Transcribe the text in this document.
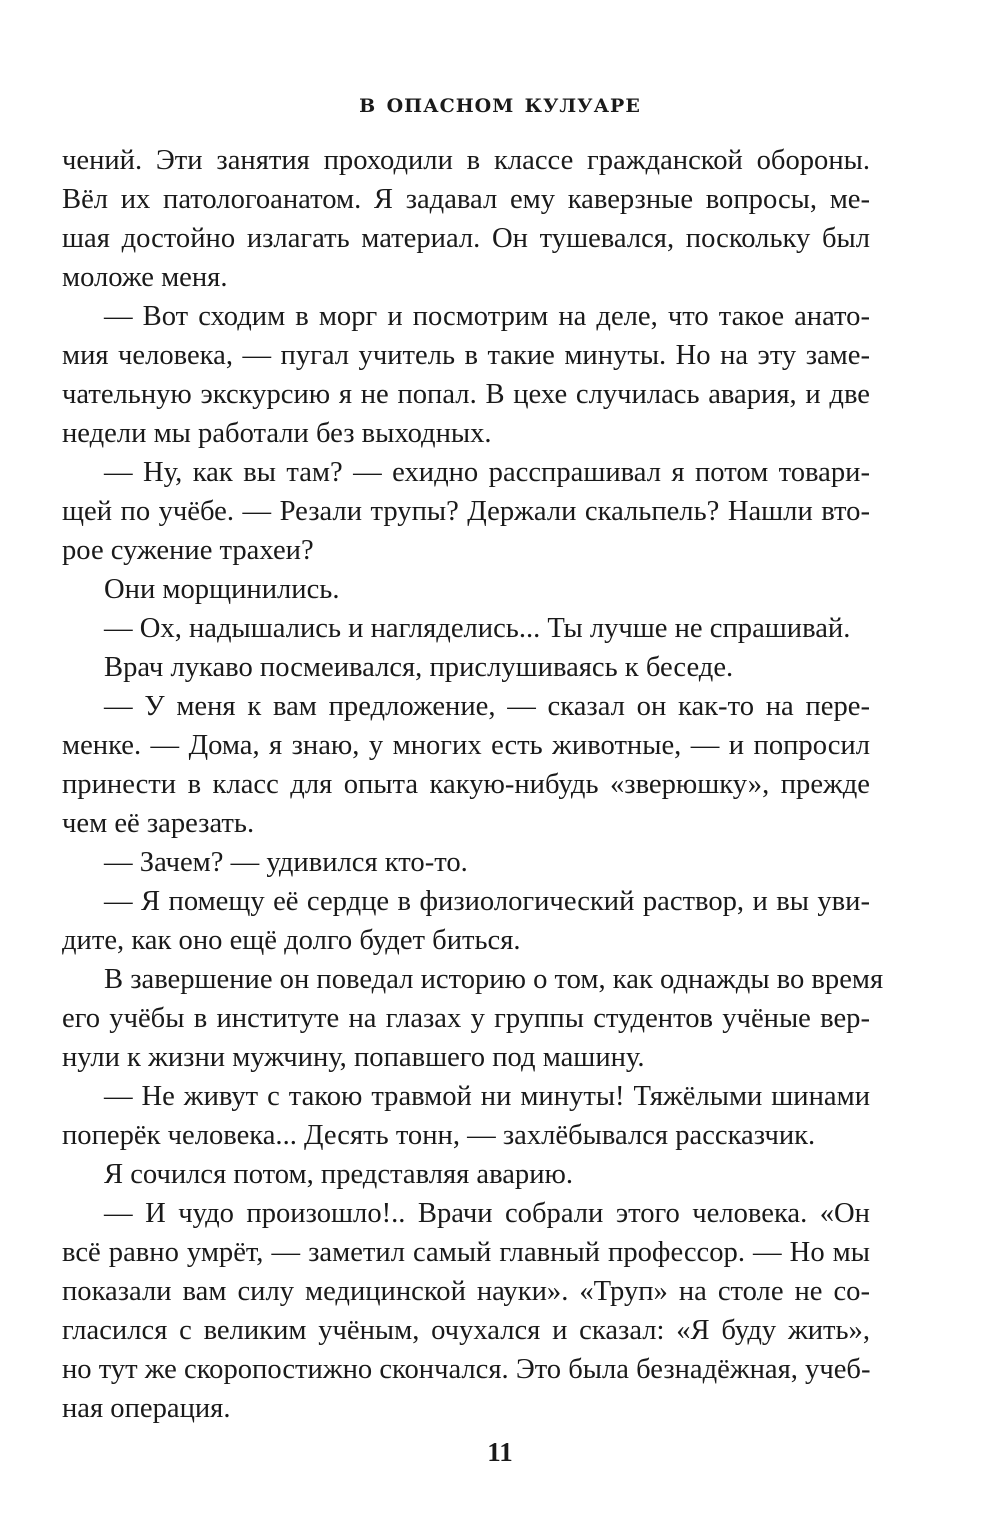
в опасном кулуаре
чений. Эти занятия проходили в классе гражданской обороны.
Вёл их патологоанатом. Я задавал ему каверзные вопросы, ме-
шая достойно излагать материал. Он тушевался, поскольку был
моложе меня.
— Вот сходим в морг и посмотрим на деле, что такое анато-
мия человека, — пугал учитель в такие минуты. Но на эту заме-
чательную экскурсию я не попал. В цехе случилась авария, и две
недели мы работали без выходных.
— Ну, как вы там? — ехидно расспрашивал я потом товари-
щей по учёбе. — Резали трупы? Держали скальпель? Нашли вто-
рое сужение трахеи?
Они морщинились.
— Ох, надышались и нагляделись... Ты лучше не спрашивай.
Врач лукаво посмеивался, прислушиваясь к беседе.
— У меня к вам предложение, — сказал он как-то на пере-
менке. — Дома, я знаю, у многих есть животные, — и попросил
принести в класс для опыта какую-нибудь «зверюшку», прежде
чем её зарезать.
— Зачем? — удивился кто-то.
— Я помещу её сердце в физиологический раствор, и вы уви-
дите, как оно ещё долго будет биться.
В завершение он поведал историю о том, как однажды во время
его учёбы в институте на глазах у группы студентов учёные вер-
нули к жизни мужчину, попавшего под машину.
— Не живут с такою травмой ни минуты! Тяжёлыми шинами
поперёк человека... Десять тонн, — захлёбывался рассказчик.
Я сочился потом, представляя аварию.
— И чудо произошло!.. Врачи собрали этого человека. «Он
всё равно умрёт, — заметил самый главный профессор. — Но мы
показали вам силу медицинской науки». «Труп» на столе не со-
гласился с великим учёным, очухался и сказал: «Я буду жить»,
но тут же скоропостижно скончался. Это была безнадёжная, учеб-
ная операция.
11
